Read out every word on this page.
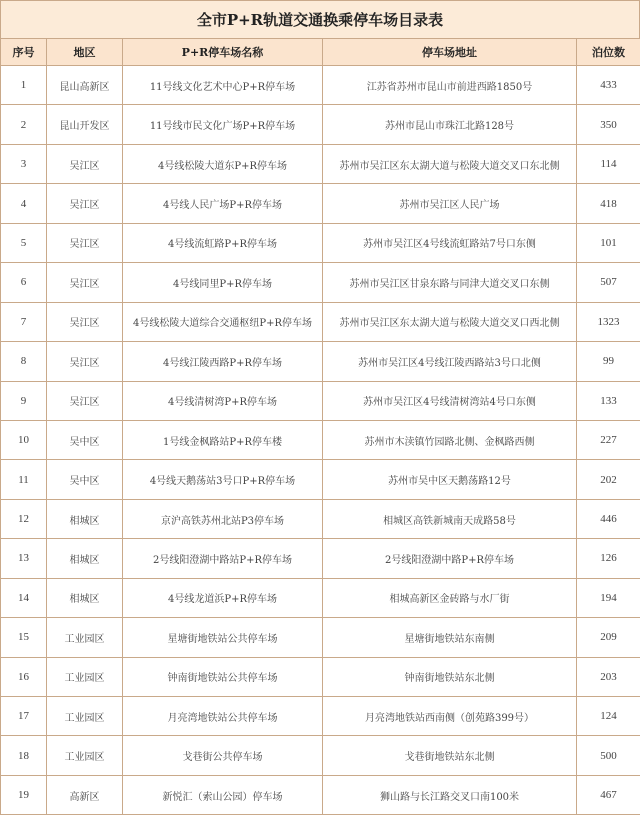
全市P+R轨道交通换乘停车场目录表
序号	地区	P+R停车场名称	停车场地址	泊位数
1	昆山高新区	11号线文化艺术中心P+R停车场	江苏省苏州市昆山市前进西路1850号	433
2	昆山开发区	11号线市民文化广场P+R停车场	苏州市昆山市珠江北路128号	350
3	吴江区	4号线松陵大道东P+R停车场	苏州市吴江区东太湖大道与松陵大道交叉口东北侧	114
4	吴江区	4号线人民广场P+R停车场	苏州市吴江区人民广场	418
5	吴江区	4号线流虹路P+R停车场	苏州市吴江区4号线流虹路站7号口东侧	101
6	吴江区	4号线同里P+R停车场	苏州市吴江区甘泉东路与同津大道交叉口东侧	507
7	吴江区	4号线松陵大道综合交通枢纽P+R停车场	苏州市吴江区东太湖大道与松陵大道交叉口西北侧	1323
8	吴江区	4号线江陵西路P+R停车场	苏州市吴江区4号线江陵西路站3号口北侧	99
9	吴江区	4号线清树湾P+R停车场	苏州市吴江区4号线清树湾站4号口东侧	133
10	吴中区	1号线金枫路站P+R停车楼	苏州市木渎镇竹园路北侧、金枫路西侧	227
11	吴中区	4号线天鹅荡站3号口P+R停车场	苏州市吴中区天鹅荡路12号	202
12	相城区	京沪高铁苏州北站P3停车场	相城区高铁新城南天成路58号	446
13	相城区	2号线阳澄湖中路站P+R停车场	2号线阳澄湖中路P+R停车场	126
14	相城区	4号线龙道浜P+R停车场	相城高新区金砖路与水厂街	194
15	工业园区	星塘街地铁站公共停车场	星塘街地铁站东南侧	209
16	工业园区	钟南街地铁站公共停车场	钟南街地铁站东北侧	203
17	工业园区	月亮湾地铁站公共停车场	月亮湾地铁站西南侧（创苑路399号）	124
18	工业园区	戈巷街公共停车场	戈巷街地铁站东北侧	500
19	高新区	新悦汇（索山公园）停车场	狮山路与长江路交叉口南100米	467
